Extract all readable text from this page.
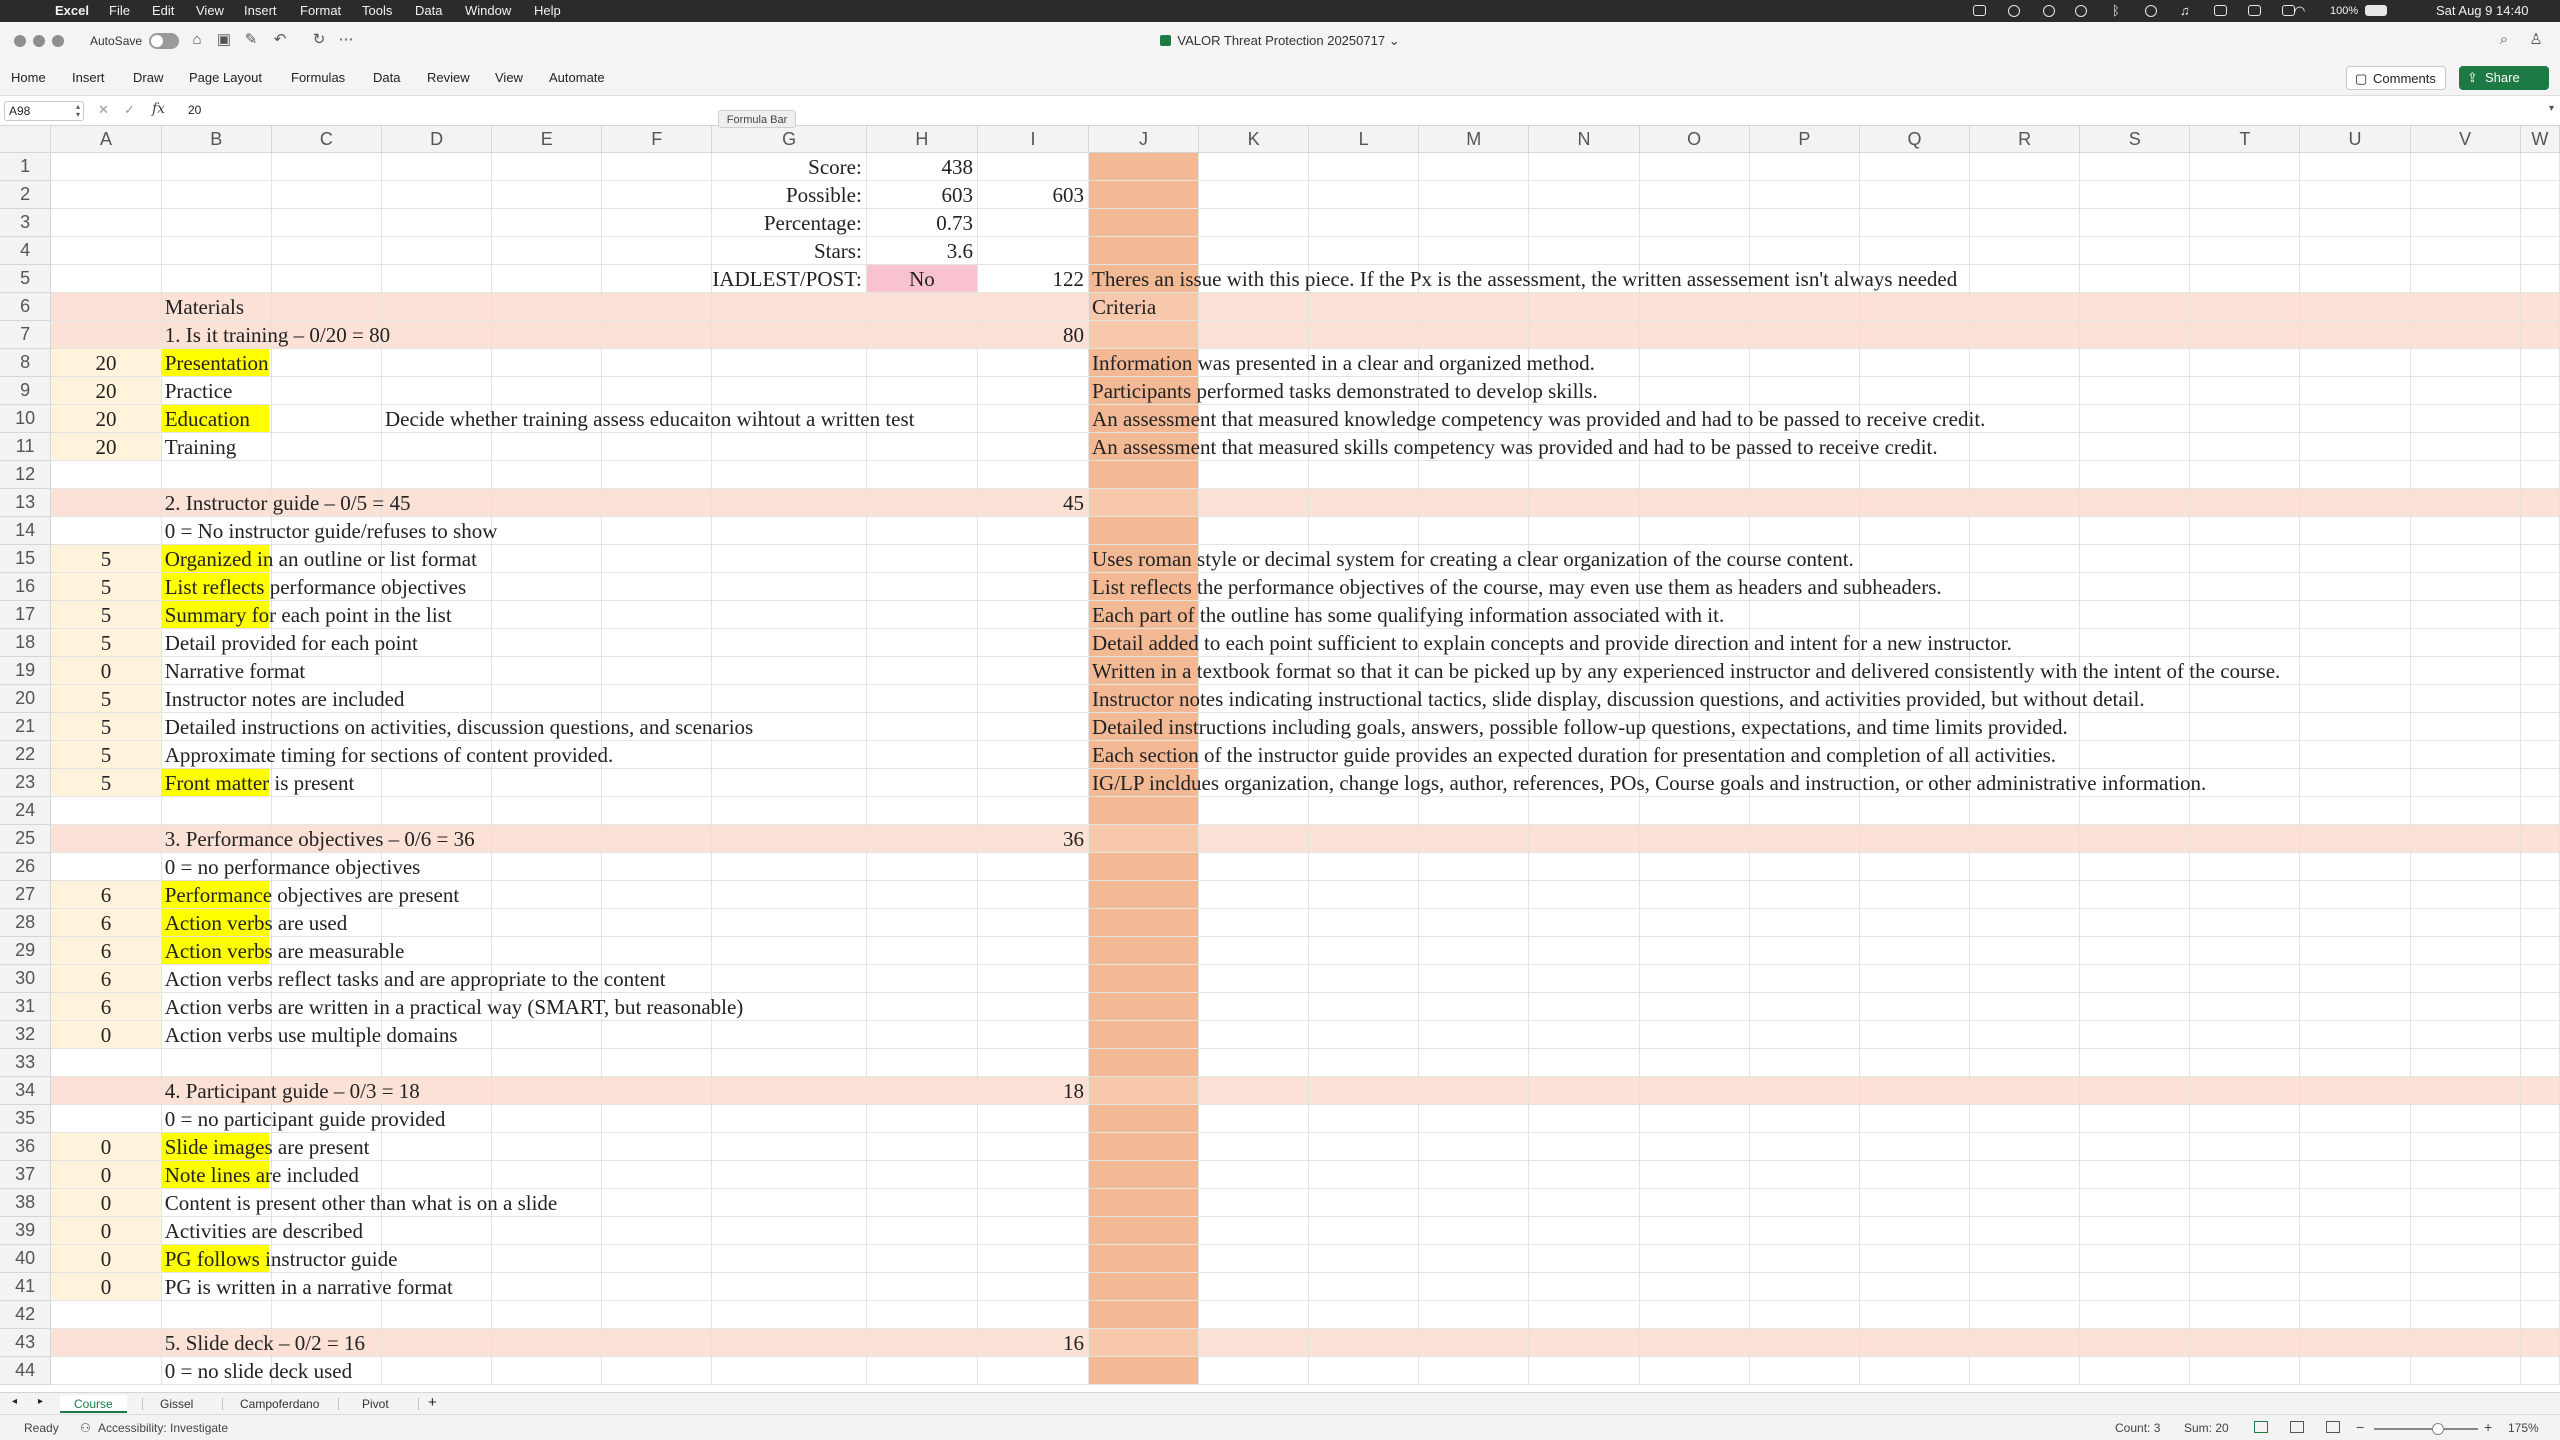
Excel File Edit View Insert Format Tools Data Window Help	ᛒ	♫	◠ 100%	Sat Aug 9 14:40
AutoSave	⌂ ▣ ✎ ↶ ↻ ⋯	VALOR Threat Protection 20250717 ⌄	⌕ ♙
Home Insert Draw Page Layout Formulas Data Review View Automate	▢ Comments	⇪ Share
A98	▴
▾ ✕ ✓ fx 20	▾
Formula Bar
	A	B	C	D	E	F	G	H	I	J	K	L	M	N	O	P	Q	R	S	T	U	V	W
1							Score:	438															

2							Possible:	603	603														

3							Percentage:	0.73															

4							Stars:	3.6															

5							IADLEST/POST:	No	122	Theres an issue with this piece. If the Px is the assessment, the written assessement isn't always needed													

6		Materials								Criteria													

7		1. Is it training – 0/20 = 80							80														

8	20	Presentation								Information was presented in a clear and organized method.													

9	20	Practice								Participants performed tasks demonstrated to develop skills.													

10	20	Education		Decide whether training assess educaiton wihtout a written test						An assessment that measured knowledge competency was provided and had to be passed to receive credit.													

11	20	Training								An assessment that measured skills competency was provided and had to be passed to receive credit.													

12																							
13		2. Instructor guide – 0/5 = 45							45														

14		0 = No instructor guide/refuses to show																					

15	5	Organized in an outline or list format								Uses roman style or decimal system for creating a clear organization of the course content.													

16	5	List reflects performance objectives								List reflects the performance objectives of the course, may even use them as headers and subheaders.													

17	5	Summary for each point in the list								Each part of the outline has some qualifying information associated with it.													

18	5	Detail provided for each point								Detail added to each point sufficient to explain concepts and provide direction and intent for a new instructor.													

19	0	Narrative format								Written in a textbook format so that it can be picked up by any experienced instructor and delivered consistently with the intent of the course.													

20	5	Instructor notes are included								Instructor notes indicating instructional tactics, slide display, discussion questions, and activities provided, but without detail.													

21	5	Detailed instructions on activities, discussion questions, and scenarios								Detailed instructions including goals, answers, possible follow-up questions, expectations, and time limits provided.													

22	5	Approximate timing for sections of content provided.								Each section of the instructor guide provides an expected duration for presentation and completion of all activities.													

23	5	Front matter is present								IG/LP inclduеs organization, change logs, author, references, POs, Course goals and instruction, or other administrative information.													

24																							
25		3. Performance objectives – 0/6 = 36							36														

26		0 = no performance objectives																					

27	6	Performance objectives are present																					

28	6	Action verbs are used																					

29	6	Action verbs are measurable																					

30	6	Action verbs reflect tasks and are appropriate to the content																					

31	6	Action verbs are written in a practical way (SMART, but reasonable)																					

32	0	Action verbs use multiple domains																					

33																							
34		4. Participant guide – 0/3 = 18							18														

35		0 = no participant guide provided																					

36	0	Slide images are present																					

37	0	Note lines are included																					

38	0	Content is present other than what is on a slide																					

39	0	Activities are described																					

40	0	PG follows instructor guide																					

41	0	PG is written in a narrative format																					

42																							
43		5. Slide deck – 0/2 = 16							16														

44		0 = no slide deck used																					

◂ ▸	Course	Gissel	Campoferdano	Pivot	+
Ready ⚇ Accessibility: Investigate	Count: 3 Sum: 20	−	+ 175%
